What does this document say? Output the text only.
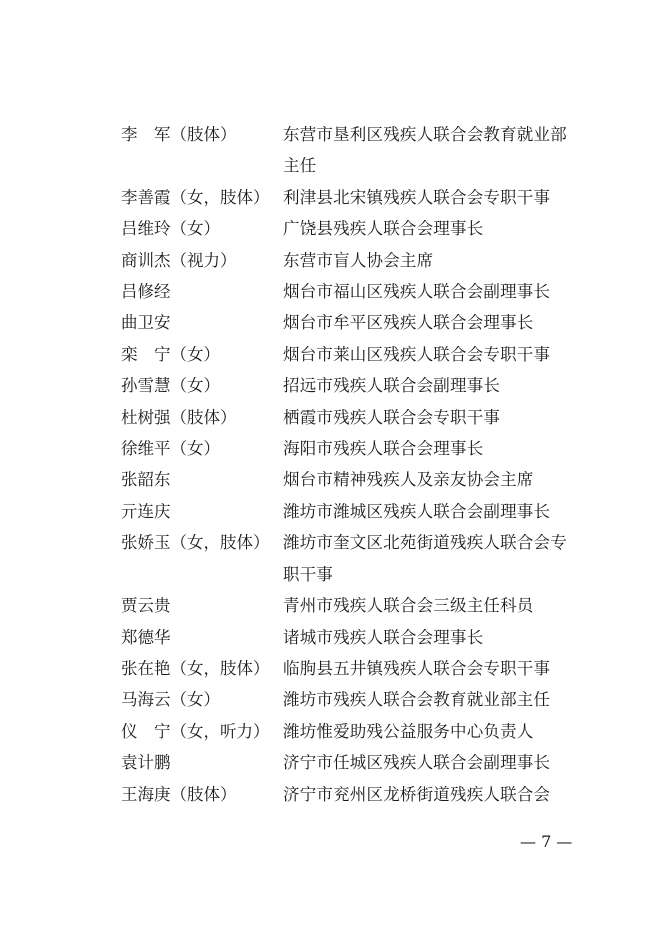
李　军（肢体）	东营市垦利区残疾人联合会教育就业部主任
李善霞（女，肢体） 利津县北宋镇残疾人联合会专职干事
吕维玲（女）	广饶县残疾人联合会理事长
商训杰（视力）	东营市盲人协会主席
吕修经	烟台市福山区残疾人联合会副理事长
曲卫安	烟台市牟平区残疾人联合会理事长
栾　宁（女）	烟台市莱山区残疾人联合会专职干事
孙雪慧（女）	招远市残疾人联合会副理事长
杜树强（肢体）	栖霞市残疾人联合会专职干事
徐维平（女）	海阳市残疾人联合会理事长
张韶东	烟台市精神残疾人及亲友协会主席
亓连庆	潍坊市潍城区残疾人联合会副理事长
张娇玉（女，肢体） 潍坊市奎文区北苑街道残疾人联合会专职干事
贾云贵	青州市残疾人联合会三级主任科员
郑德华	诸城市残疾人联合会理事长
张在艳（女，肢体） 临朐县五井镇残疾人联合会专职干事
马海云（女）	潍坊市残疾人联合会教育就业部主任
仪　宁（女，听力） 潍坊惟爱助残公益服务中心负责人
袁计鹏	济宁市任城区残疾人联合会副理事长
王海庚（肢体）	济宁市兖州区龙桥街道残疾人联合会
— 7 —
